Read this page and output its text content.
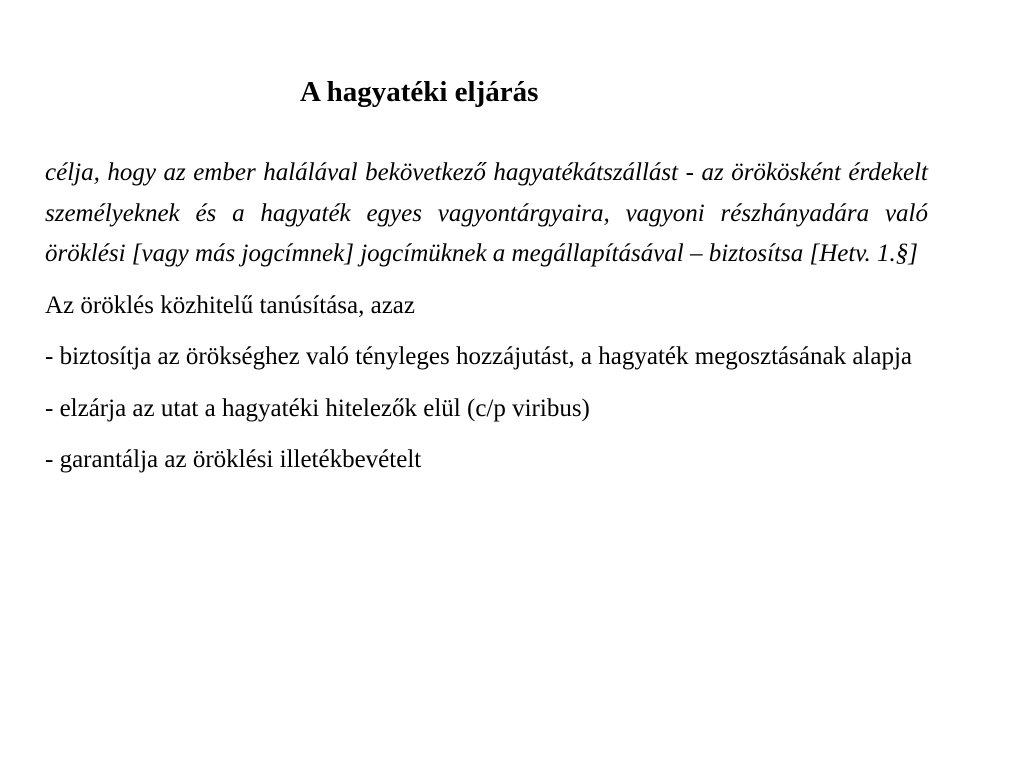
A hagyatéki eljárás

célja, hogy az ember halálával bekövetkező hagyatékátszállást - az örökösként érdekelt személyeknek és a hagyaték egyes vagyontárgyaira, vagyoni részhányadára való öröklési [vagy más jogcímnek] jogcímüknek a megállapításával – biztosítsa [Hetv. 1.§]

Az öröklés közhitelű tanúsítása, azaz

- biztosítja az örökséghez való tényleges hozzájutást, a hagyaték megosztásának alapja

- elzárja az utat a hagyatéki hitelezők elül (c/p viribus)

- garantálja az öröklési illetékbevételt
